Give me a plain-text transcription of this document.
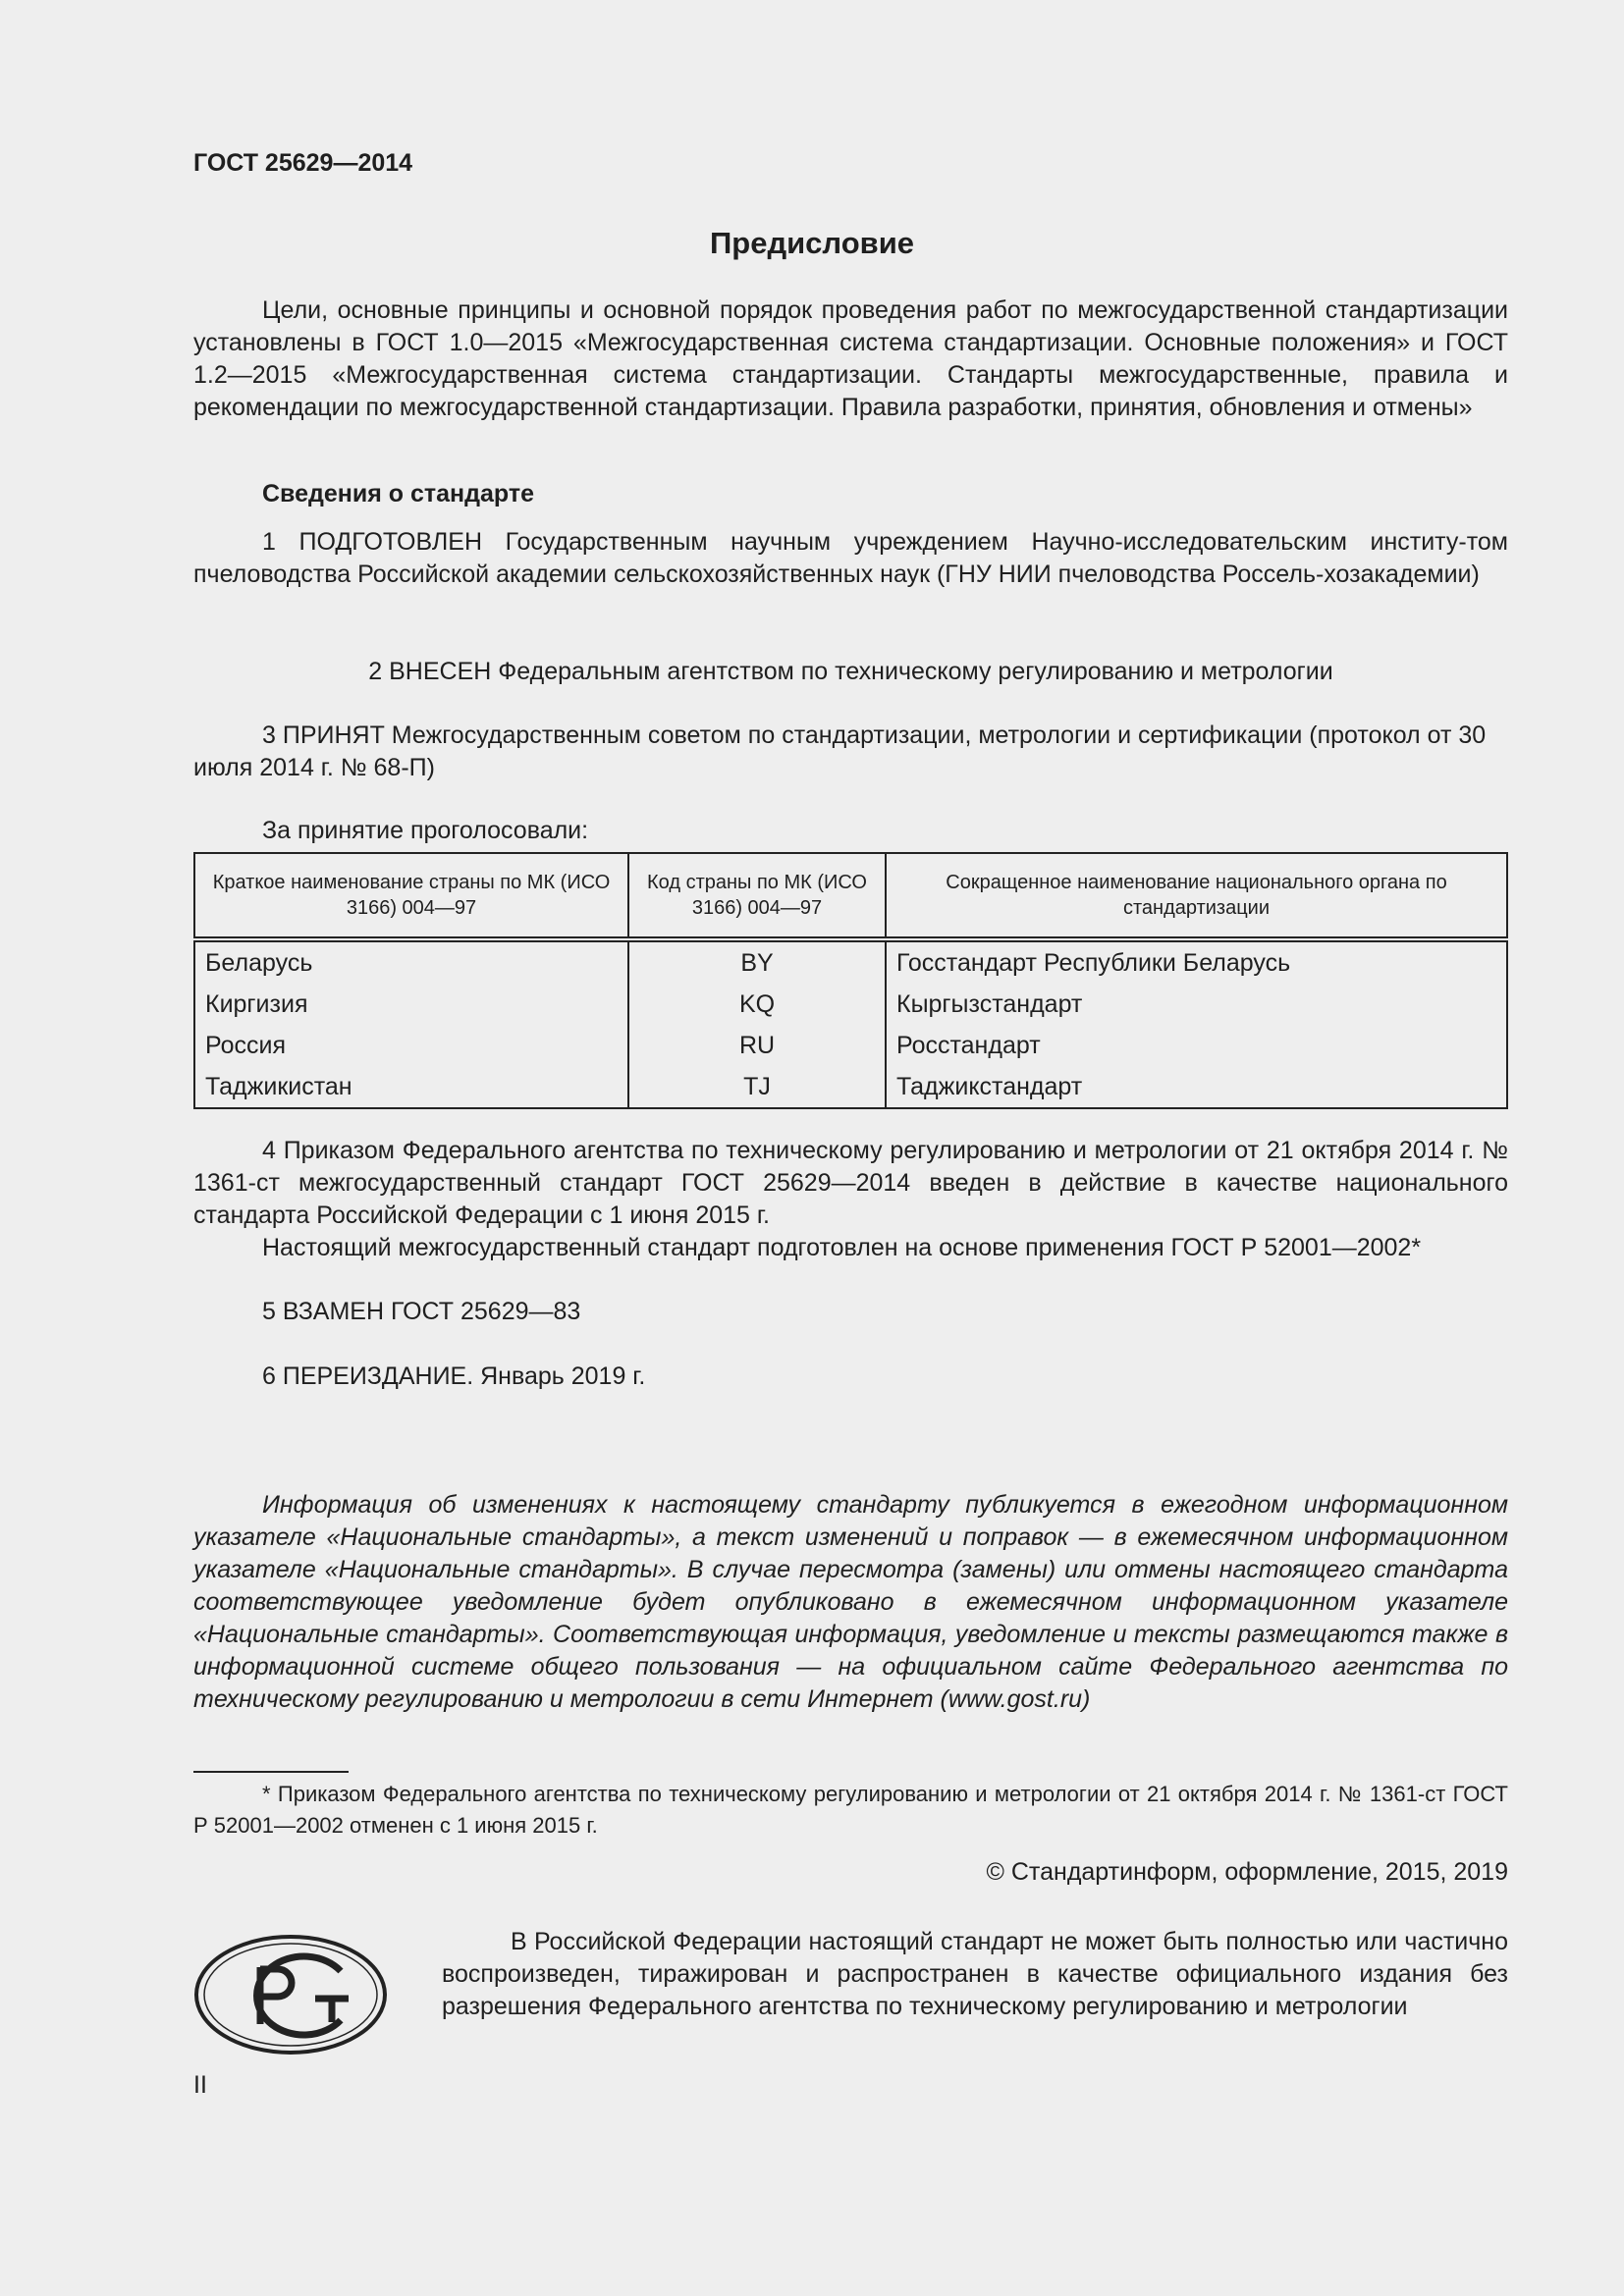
ГОСТ 25629—2014
Предисловие
Цели, основные принципы и основной порядок проведения работ по межгосударственной стандартизации установлены в ГОСТ 1.0—2015 «Межгосударственная система стандартизации. Основные положения» и ГОСТ 1.2—2015 «Межгосударственная система стандартизации. Стандарты межгосударственные, правила и рекомендации по межгосударственной стандартизации. Правила разработки, принятия, обновления и отмены»
Сведения о стандарте
1 ПОДГОТОВЛЕН Государственным научным учреждением Научно-исследовательским институ-том пчеловодства Российской академии сельскохозяйственных наук (ГНУ НИИ пчеловодства Россель-хозакадемии)
2 ВНЕСЕН Федеральным агентством по техническому регулированию и метрологии
3 ПРИНЯТ Межгосударственным советом по стандартизации, метрологии и сертификации (протокол от 30 июля 2014 г. № 68-П)
За принятие проголосовали:
Краткое наименование страны по МК (ИСО 3166) 004—97	Код страны по МК (ИСО 3166) 004—97	Сокращенное наименование национального органа по стандартизации
Беларусь	BY	Госстандарт Республики Беларусь
Киргизия	KQ	Кыргызстандарт
Россия	RU	Росстандарт
Таджикистан	TJ	Таджикстандарт
4 Приказом Федерального агентства по техническому регулированию и метрологии от 21 октября 2014 г. № 1361-ст межгосударственный стандарт ГОСТ 25629—2014 введен в действие в качестве национального стандарта Российской Федерации с 1 июня 2015 г.
Настоящий межгосударственный стандарт подготовлен на основе применения ГОСТ Р 52001—2002*
5 ВЗАМЕН ГОСТ 25629—83
6 ПЕРЕИЗДАНИЕ. Январь 2019 г.
Информация об изменениях к настоящему стандарту публикуется в ежегодном информационном указателе «Национальные стандарты», а текст изменений и поправок — в ежемесячном информационном указателе «Национальные стандарты». В случае пересмотра (замены) или отмены настоящего стандарта соответствующее уведомление будет опубликовано в ежемесячном информационном указателе «Национальные стандарты». Соответствующая информация, уведомление и тексты размещаются также в информационной системе общего пользования — на официальном сайте Федерального агентства по техническому регулированию и метрологии в сети Интернет (www.gost.ru)
* Приказом Федерального агентства по техническому регулированию и метрологии от 21 октября 2014 г. № 1361-ст ГОСТ Р 52001—2002 отменен с 1 июня 2015 г.
© Стандартинформ, оформление, 2015, 2019
В Российской Федерации настоящий стандарт не может быть полностью или частично воспроизведен, тиражирован и распространен в качестве официального издания без разрешения Федерального агентства по техническому регулированию и метрологии
II
